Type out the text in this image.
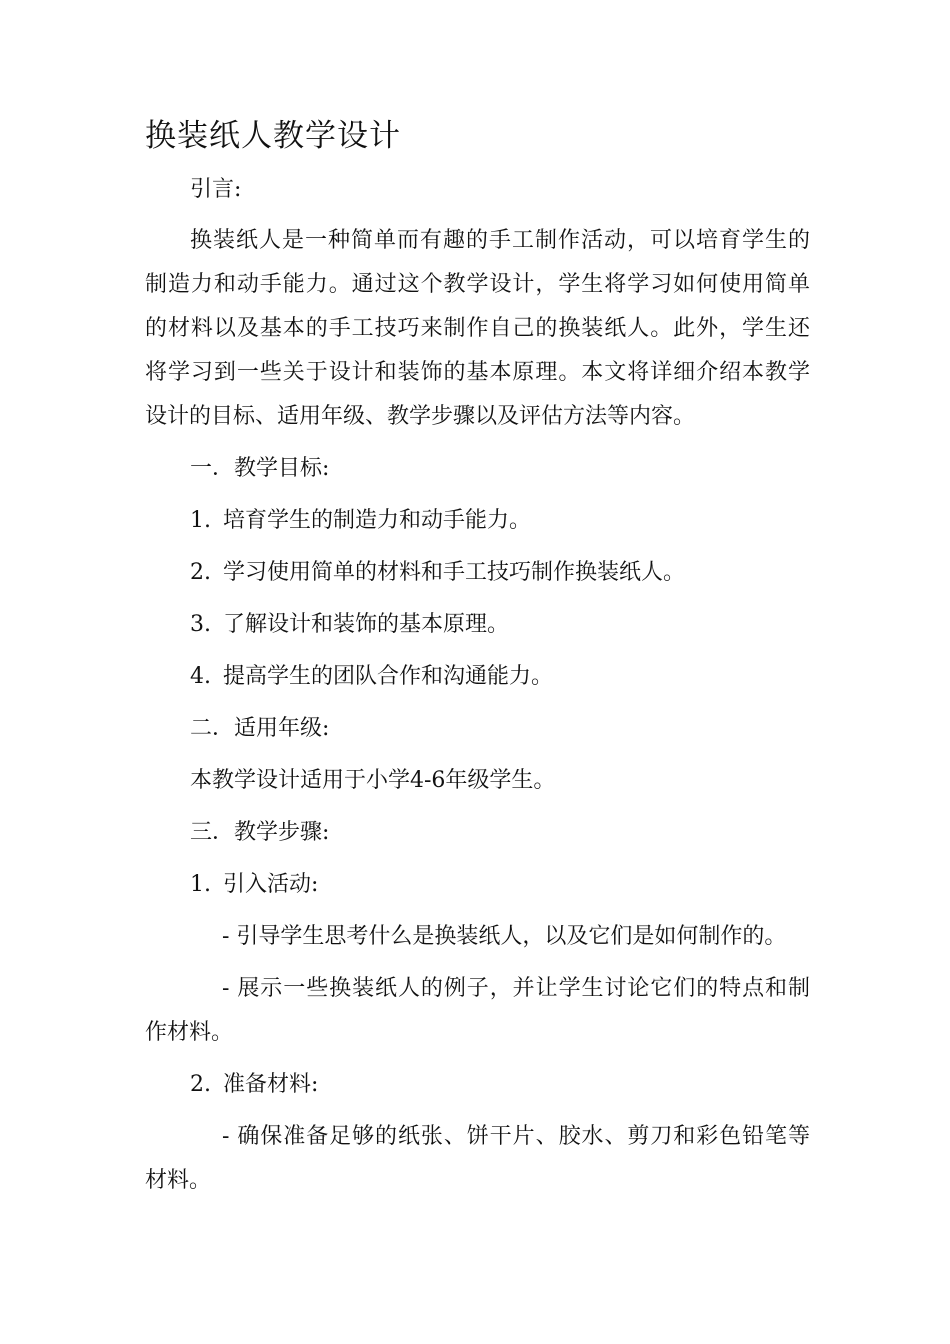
换装纸人教学设计
引言:
换装纸人是一种简单而有趣的手工制作活动，可以培育学生的
制造力和动手能力。通过这个教学设计，学生将学习如何使用简单
的材料以及基本的手工技巧来制作自己的换装纸人。此外，学生还
将学习到一些关于设计和装饰的基本原理。本文将详细介绍本教学
设计的目标、适用年级、教学步骤以及评估方法等内容。
一．教学目标:
1. 培育学生的制造力和动手能力。
2. 学习使用简单的材料和手工技巧制作换装纸人。
3. 了解设计和装饰的基本原理。
4. 提高学生的团队合作和沟通能力。
二．适用年级:
本教学设计适用于小学4-6年级学生。
三．教学步骤:
1. 引入活动:
- 引导学生思考什么是换装纸人，以及它们是如何制作的。
- 展示一些换装纸人的例子，并让学生讨论它们的特点和制
作材料。
2. 准备材料:
- 确保准备足够的纸张、饼干片、胶水、剪刀和彩色铅笔等
材料。
